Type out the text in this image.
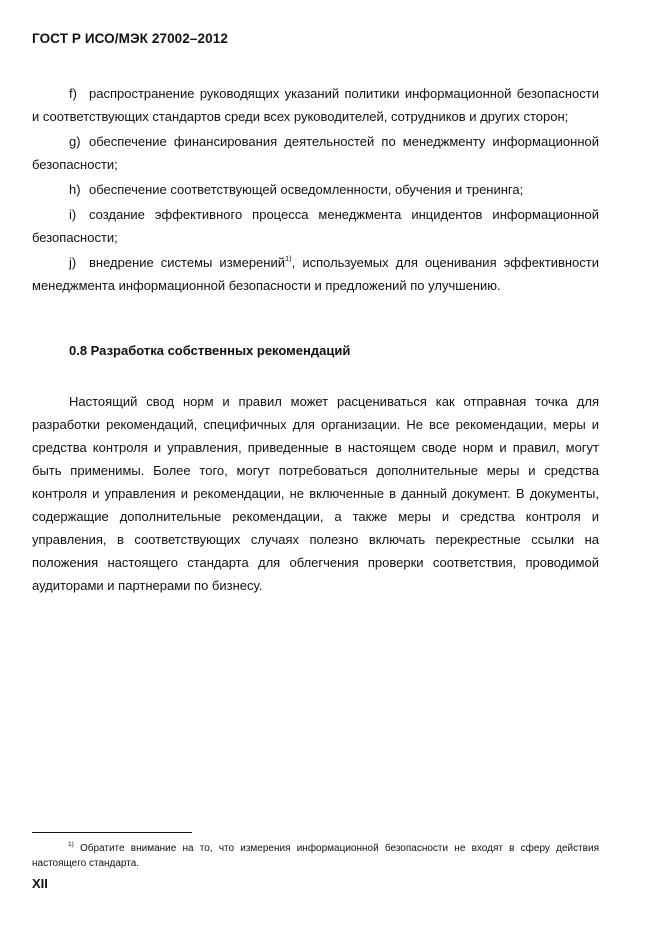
ГОСТ Р ИСО/МЭК 27002–2012

f) распространение руководящих указаний политики информационной безопасности и соответствующих стандартов среди всех руководителей, сотрудников и других сторон;

g) обеспечение финансирования деятельностей по менеджменту информационной безопасности;

h) обеспечение соответствующей осведомленности, обучения и тренинга;

i) создание эффективного процесса менеджмента инцидентов информационной безопасности;

j) внедрение системы измерений$^{1)}$, используемых для оценивания эффективности менеджмента информационной безопасности и предложений по улучшению.

0.8 Разработка собственных рекомендаций

Настоящий свод норм и правил может расцениваться как отправная точка для разработки рекомендаций, специфичных для организации. Не все рекомендации, меры и средства контроля и управления, приведенные в настоящем своде норм и правил, могут быть применимы. Более того, могут потребоваться дополнительные меры и средства контроля и управления и рекомендации, не включенные в данный документ. В документы, содержащие дополнительные рекомендации, а также меры и средства контроля и управления, в соответствующих случаях полезно включать перекрестные ссылки на положения настоящего стандарта для облегчения проверки соответствия, проводимой аудиторами и партнерами по бизнесу.

$^{1)}$ Обратите внимание на то, что измерения информационной безопасности не входят в сферу действия настоящего стандарта.
XII
